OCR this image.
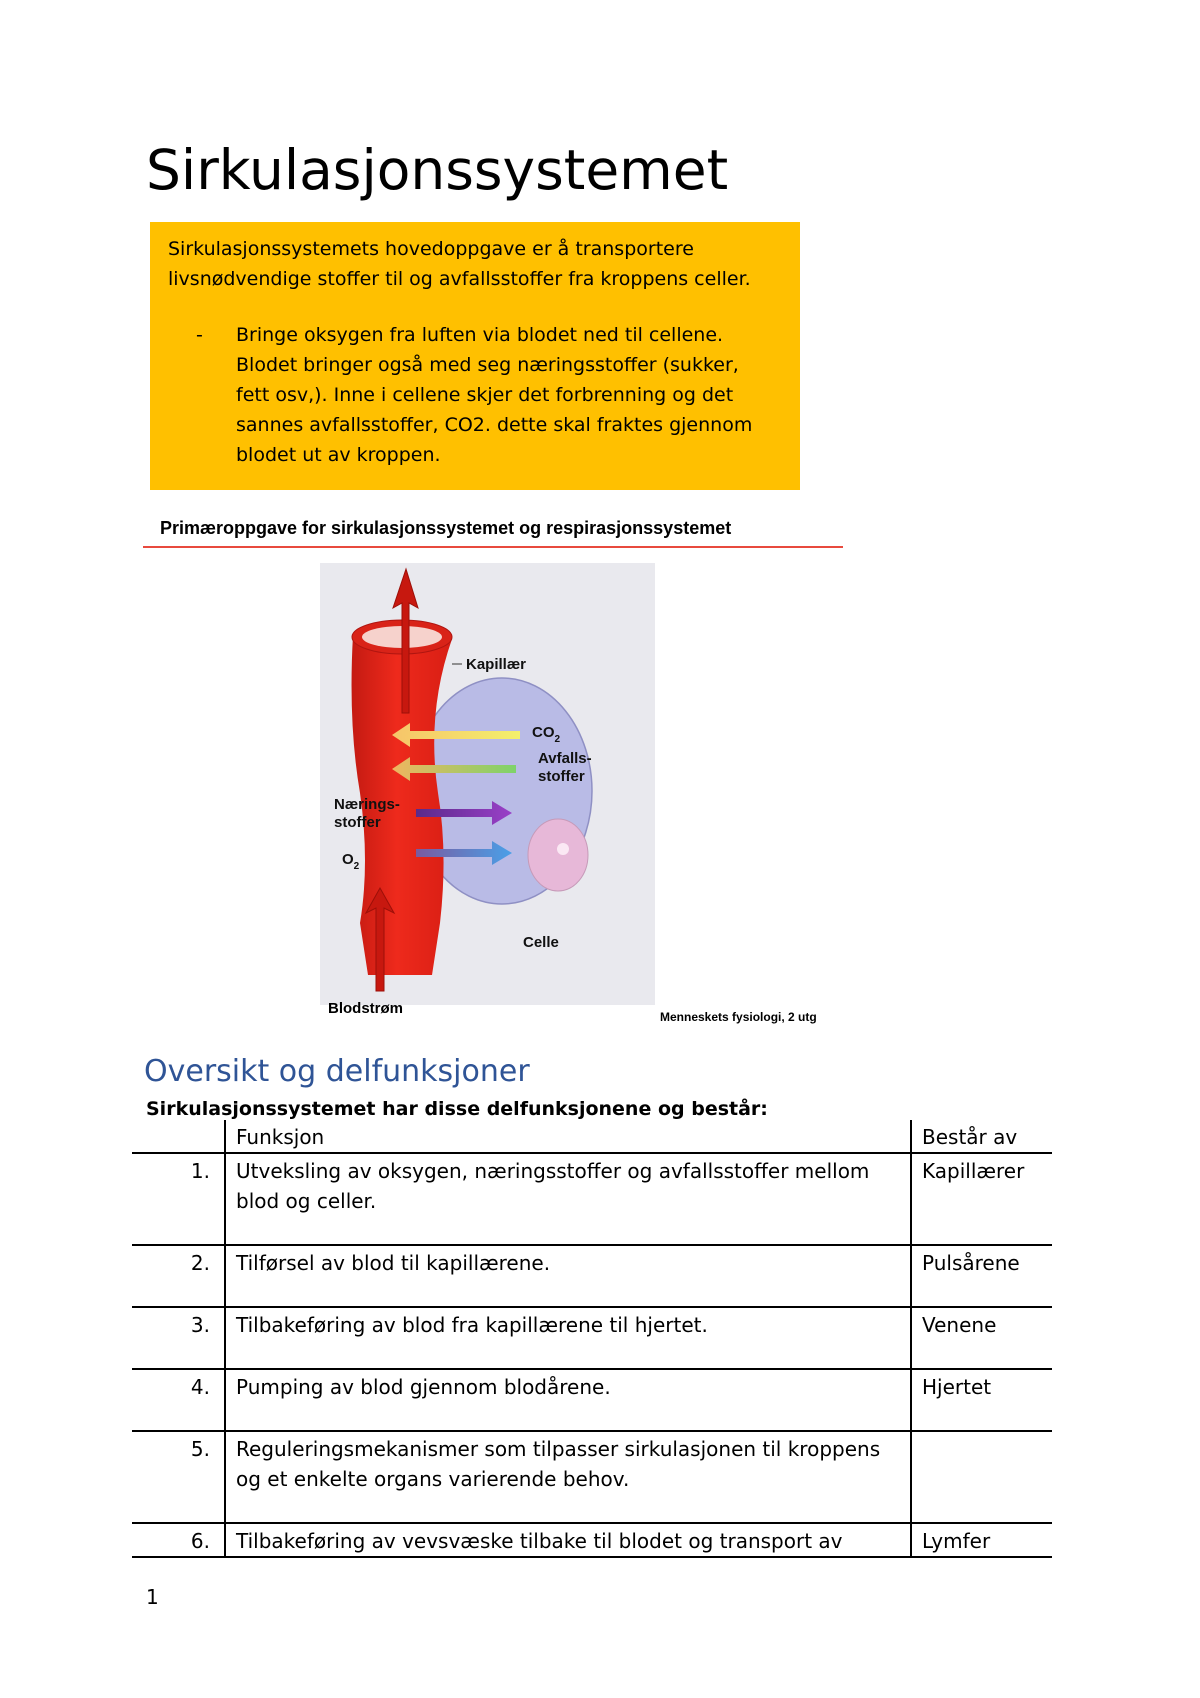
Sirkulasjonssystemet

Sirkulasjonssystemets hovedoppgave er å transportere livsnødvendige stoffer til og avfallsstoffer fra kroppens celler.

-	Bringe oksygen fra luften via blodet ned til cellene. Blodet bringer også med seg næringsstoffer (sukker, fett osv,). Inne i cellene skjer det forbrenning og det sannes avfallsstoffer, CO2. dette skal fraktes gjennom blodet ut av kroppen.
Primæroppgave for sirkulasjonssystemet og respirasjonssystemet
Kapillær
$CO_2$
Avfalls-
stoffer
Nærings-
stoffer
$O_2$
Celle
Blodstrøm	Menneskets fysiologi, 2 utg
Oversikt og delfunksjoner
Sirkulasjonssystemet har disse delfunksjonene og består:
	Funksjon	Består av
1.	Utveksling av oksygen, næringsstoffer og avfallsstoffer mellom blod og celler.	Kapillærer
2.	Tilførsel av blod til kapillærene.	Pulsårene
3.	Tilbakeføring av blod fra kapillærene til hjertet.	Venene
4.	Pumping av blod gjennom blodårene.	Hjertet
5.	Reguleringsmekanismer som tilpasser sirkulasjonen til kroppens og et enkelte organs varierende behov.	
6.	Tilbakeføring av vevsvæske tilbake til blodet og transport av	Lymfer
1
